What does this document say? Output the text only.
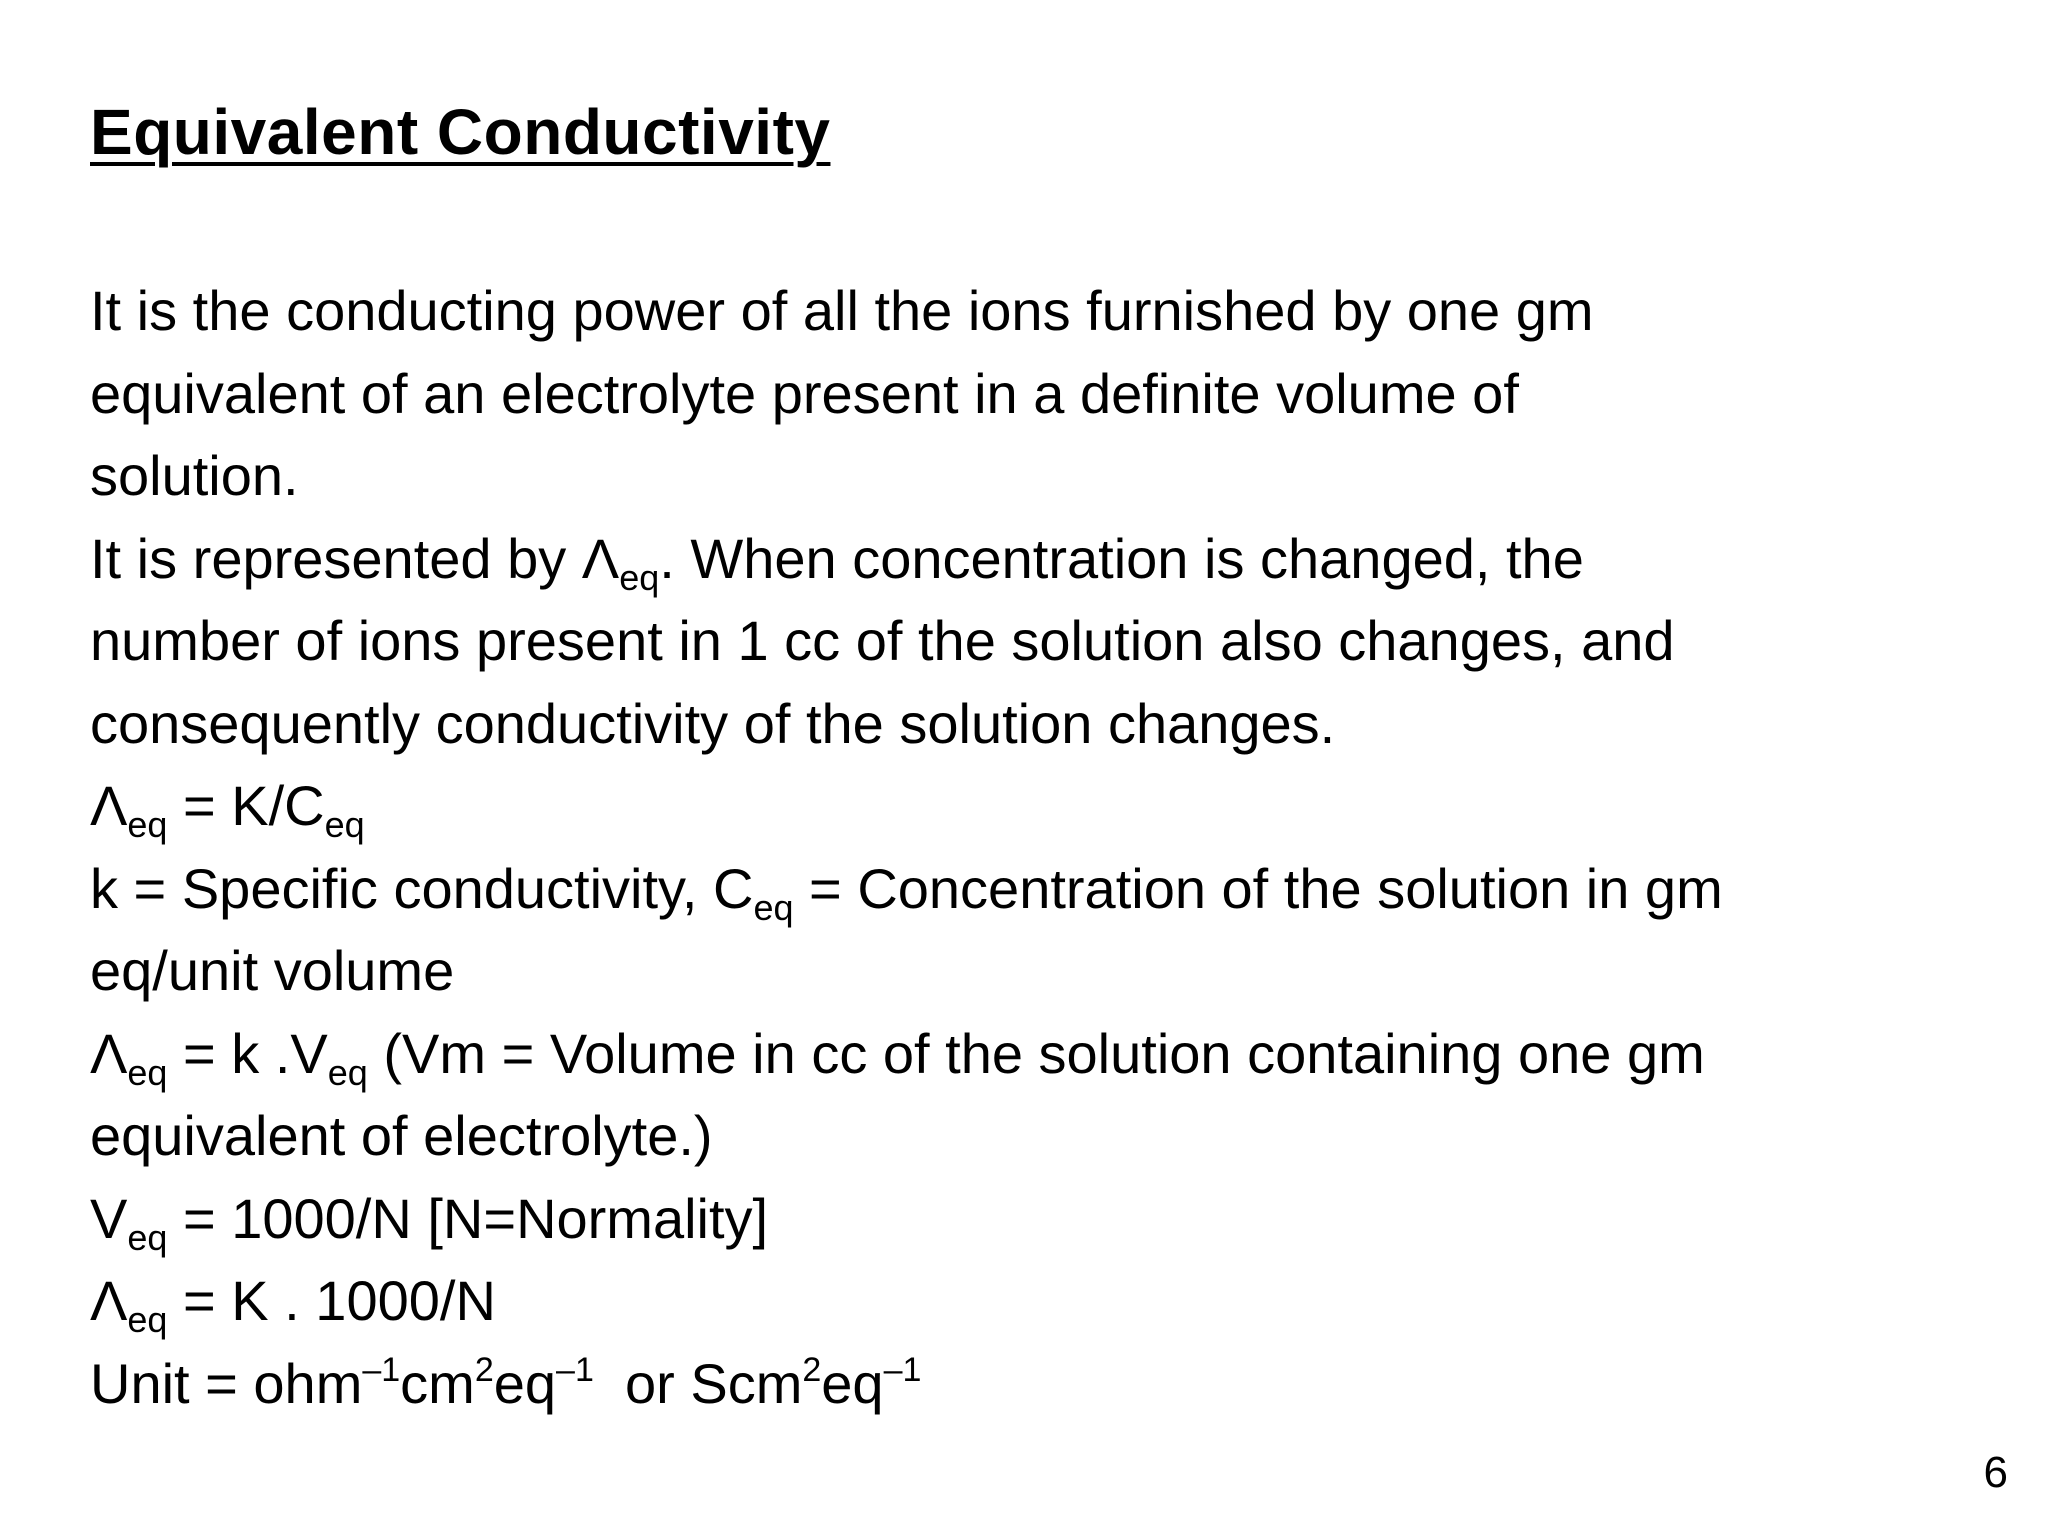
Equivalent Conductivity
It is the conducting power of all the ions furnished by one gm
equivalent of an electrolyte present in a definite volume of
solution.
It is represented by $\Lambda_{eq}$. When concentration is changed, the
number of ions present in 1 cc of the solution also changes, and
consequently conductivity of the solution changes.
$\Lambda_{eq} = K/C_{eq}$
k = Specific conductivity, $C_{eq}$ = Concentration of the solution in gm
eq/unit volume
$\Lambda_{eq} = k$ $.V_{eq}$ (Vm = Volume in cc of the solution containing one gm
equivalent of electrolyte.)
$V_{eq} = 1000/N$ [N=Normality]
$\Lambda_{eq} = K$ . 1000/N
Unit = $ohm^{-1}cm^2eq^{-1}$  or $Scm^2eq^{-1}$
6
